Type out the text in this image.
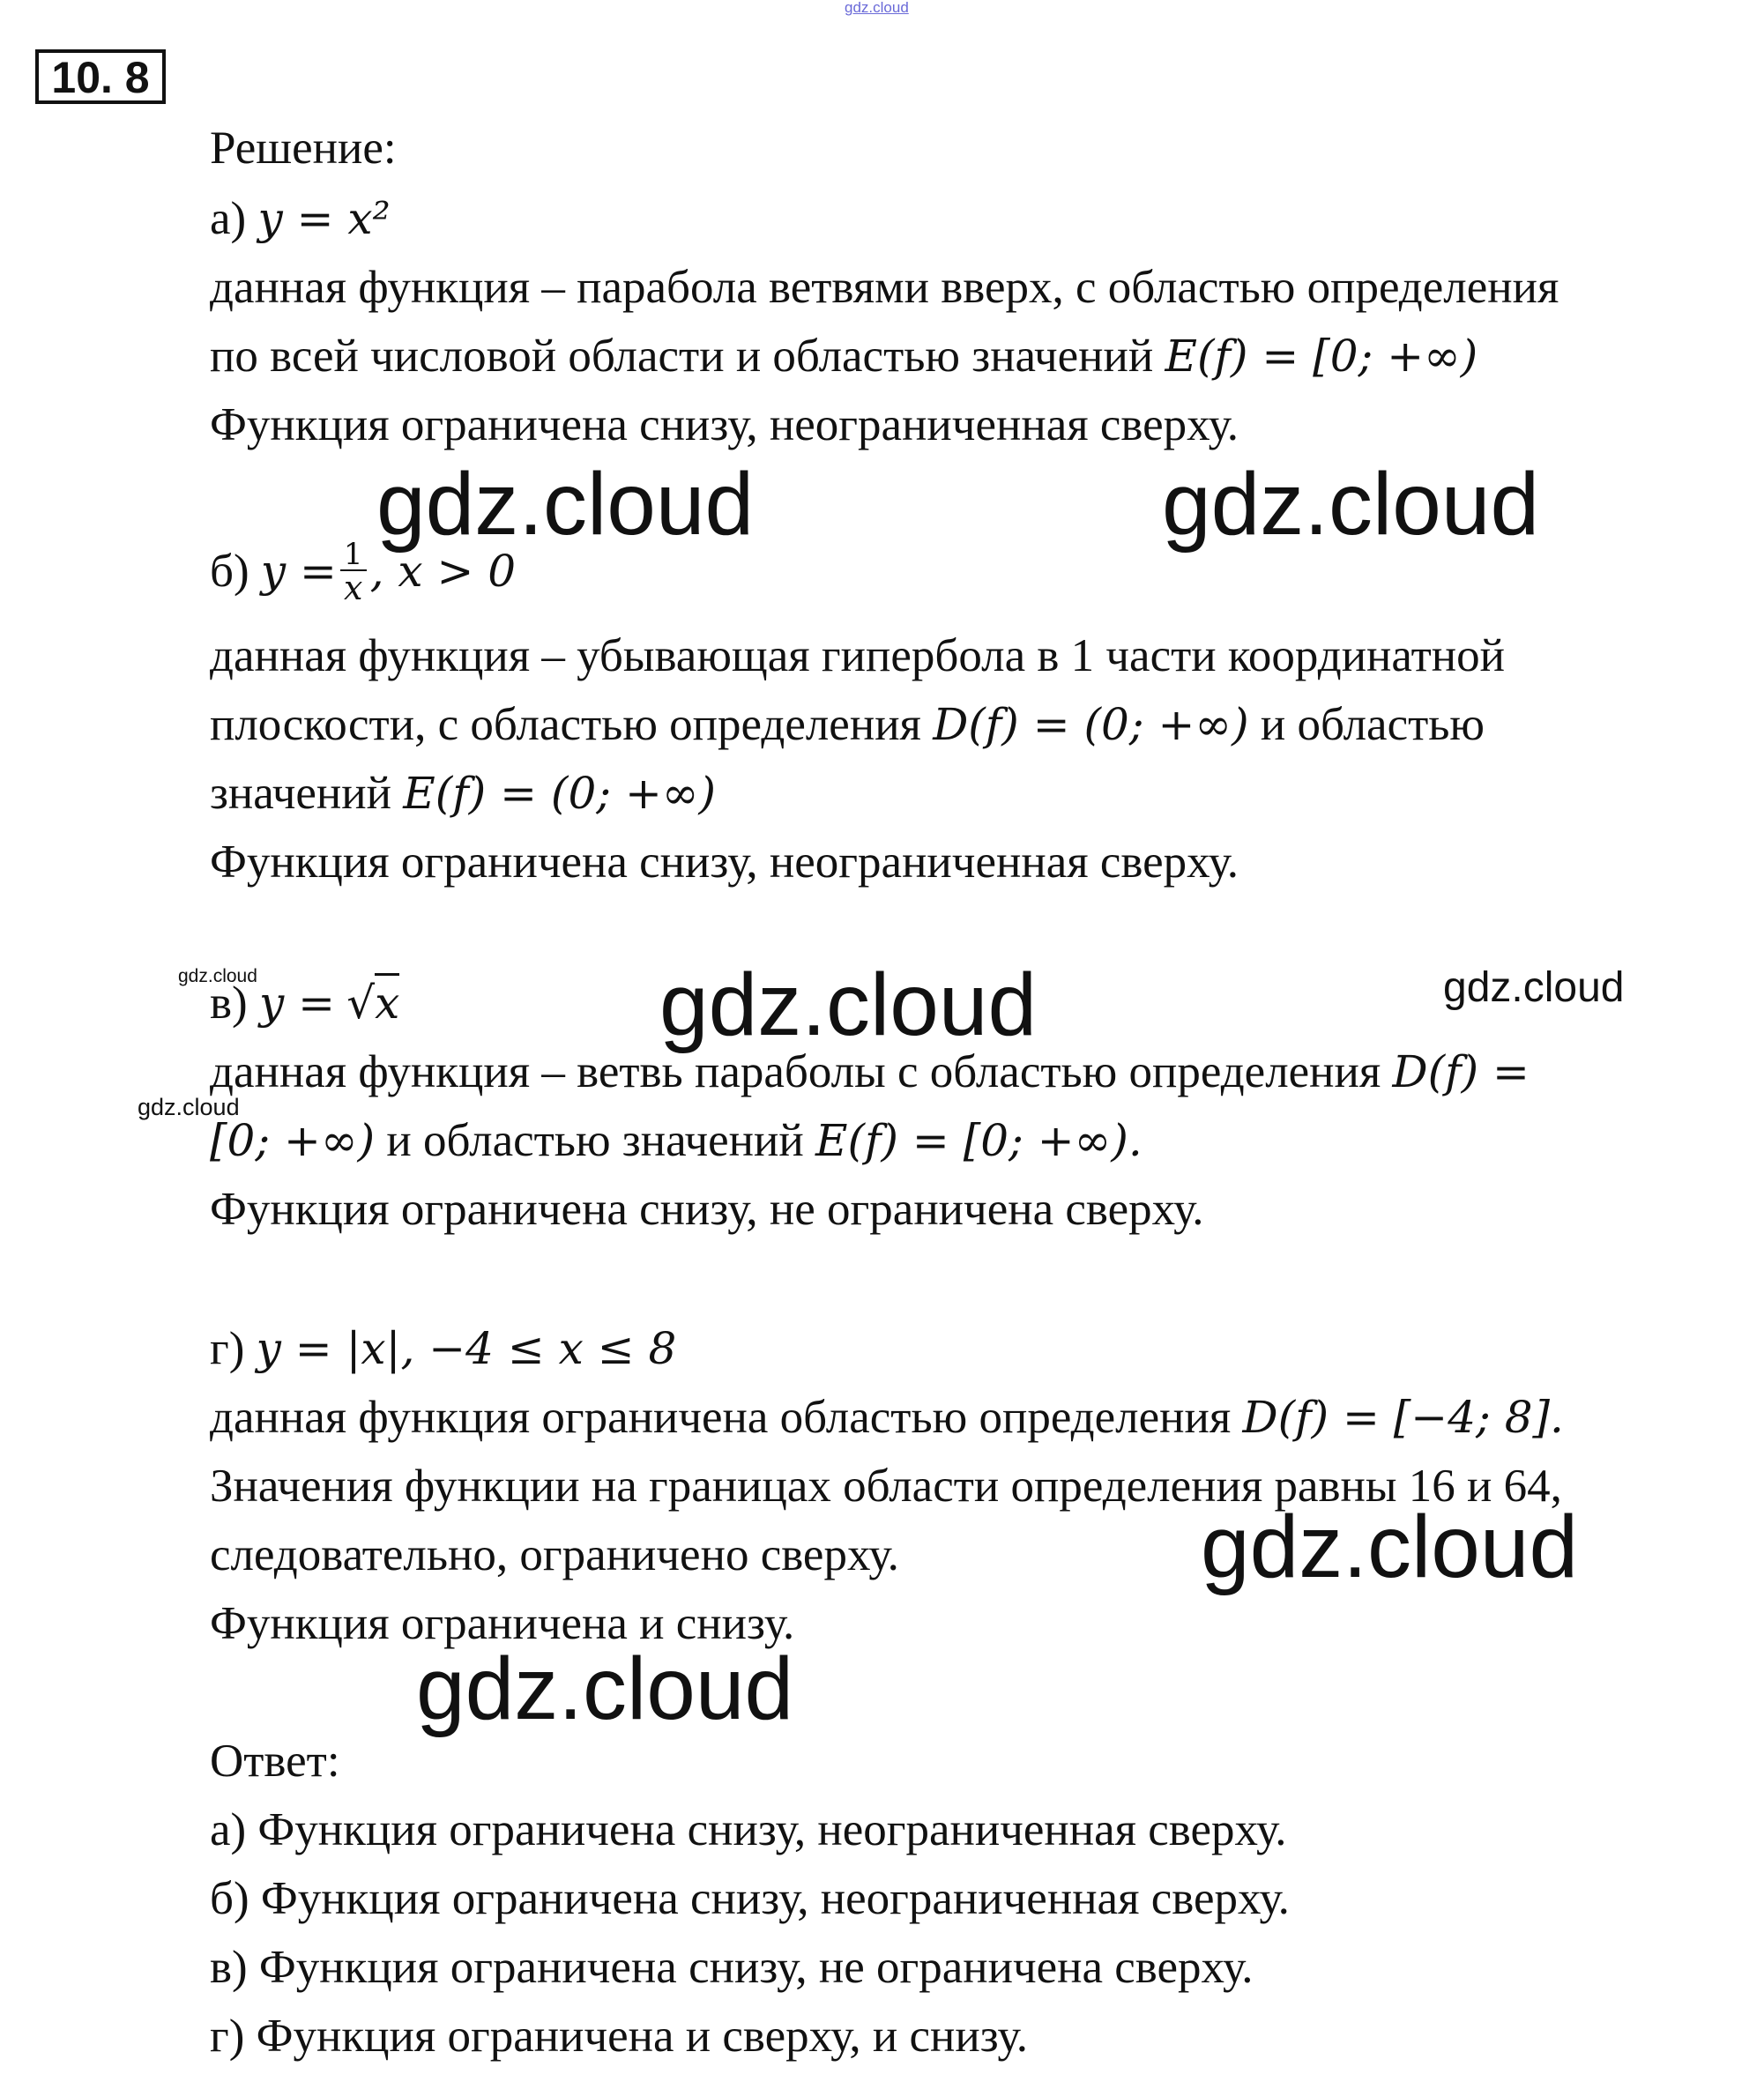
gdz.cloud
10. 8
Решение:
а) y = x²
данная функция – парабола ветвями вверх, с областью определения
по всей числовой области и областью значений E(f) = [0; +∞)
Функция ограничена снизу, неограниченная сверху.
б) $y = \frac{1}{x}$ , x > 0
данная функция – убывающая гипербола в 1 части координатной
плоскости, с областью определения D(f) = (0; +∞) и областью
значений E(f) = (0; +∞)
Функция ограничена снизу, неограниченная сверху.
в) y = √x
данная функция – ветвь параболы с областью определения D(f) =
[0; +∞) и областью значений E(f) = [0; +∞).
Функция ограничена снизу, не ограничена сверху.
г) y = |x|, −4 ≤ x ≤ 8
данная функция ограничена областью определения D(f) = [−4; 8].
Значения функции на границах области определения равны 16 и 64,
следовательно, ограничено сверху.
Функция ограничена и снизу.
Ответ:
а) Функция ограничена снизу, неограниченная сверху.
б) Функция ограничена снизу, неограниченная сверху.
в) Функция ограничена снизу, не ограничена сверху.
г) Функция ограничена и сверху, и снизу.
gdz.cloud	gdz.cloud
gdz.cloud	gdz.cloud	gdz.cloud
gdz.cloud
gdz.cloud
gdz.cloud
